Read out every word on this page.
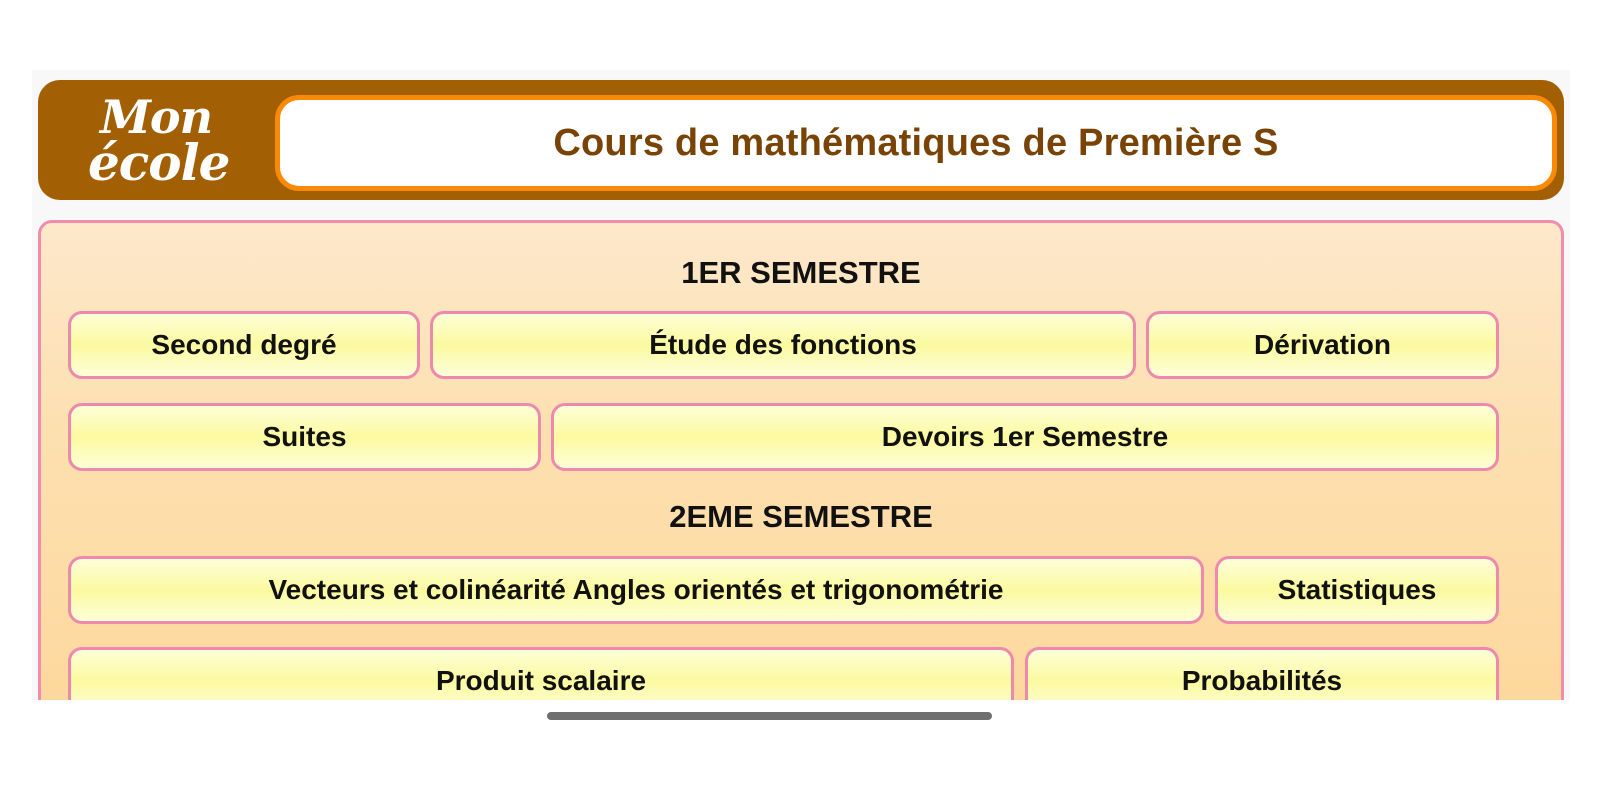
Mon
école	Cours de mathématiques de Première S
1ER SEMESTRE
Second degré	Étude des fonctions	Dérivation
Suites	Devoirs 1er Semestre
2EME SEMESTRE
Vecteurs et colinéarité Angles orientés et trigonométrie	Statistiques
Produit scalaire	Probabilités
